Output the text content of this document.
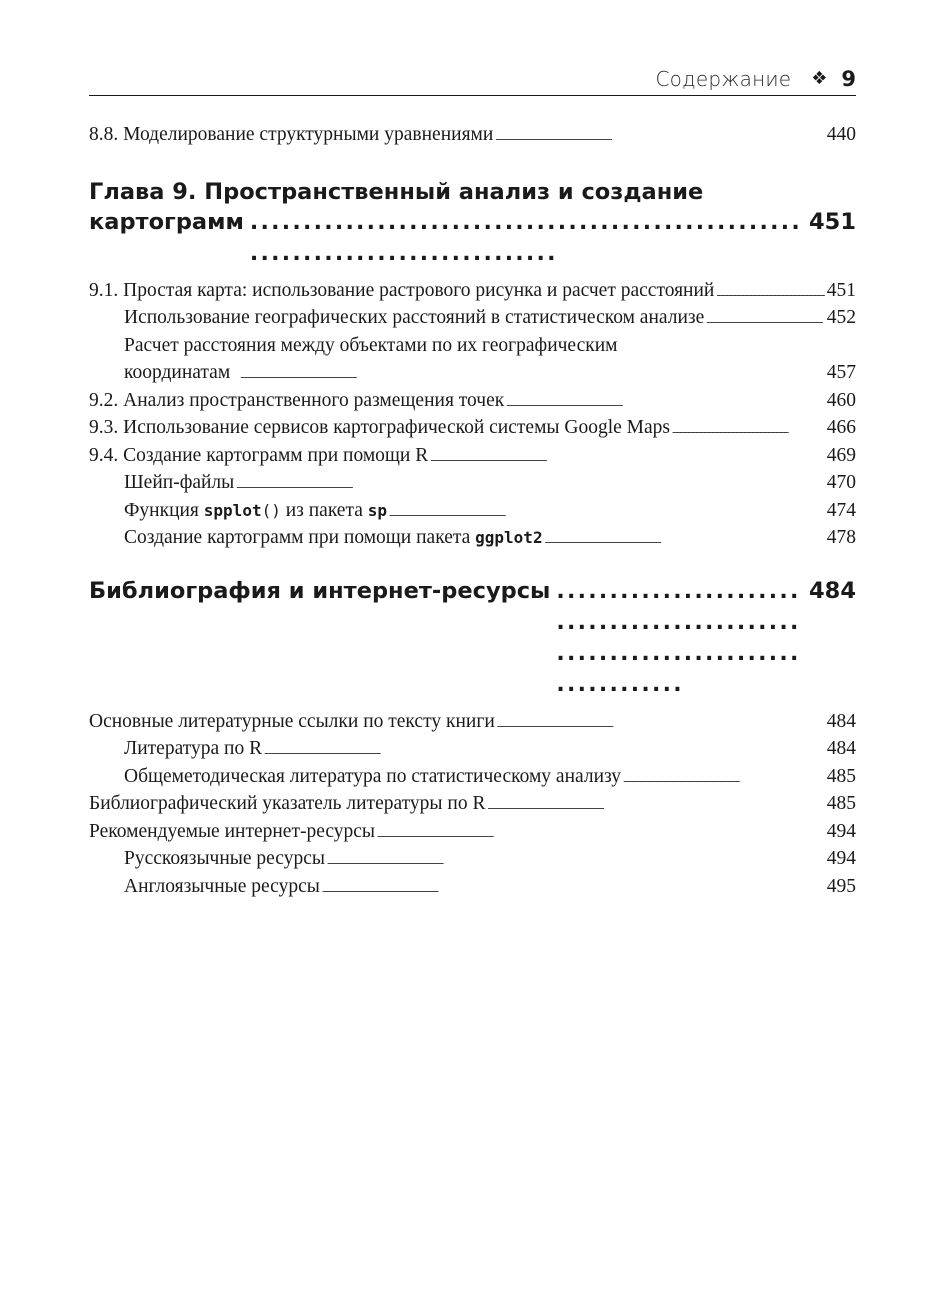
Содержание ❖ 9
8.8. Моделирование структурными уравнениями . . .	440
Глава 9. Пространственный анализ и создание
картограмм . . .	451
9.1. Простая карта: использование растрового рисунка и расчет расстояний . . .	451
Использование географических расстояний в статистическом анализе . . .	452
Расчет расстояния между объектами по их географическим
координатам . . .	457
9.2. Анализ пространственного размещения точек . . .	460
9.3. Использование сервисов картографической системы Google Maps . . .	466
9.4. Создание картограмм при помощи R . . .	469
Шейп-файлы . . .	470
Функция spplot() из пакета sp . . .	474
Создание картограмм при помощи пакета ggplot2 . . .	478
Библиография и интернет-ресурсы . . .	484
Основные литературные ссылки по тексту книги . . .	484
Литература по R . . .	484
Общеметодическая литература по статистическому анализу . . .	485
Библиографический указатель литературы по R . . .	485
Рекомендуемые интернет-ресурсы . . .	494
Русскоязычные ресурсы . . .	494
Англоязычные ресурсы . . .	495
